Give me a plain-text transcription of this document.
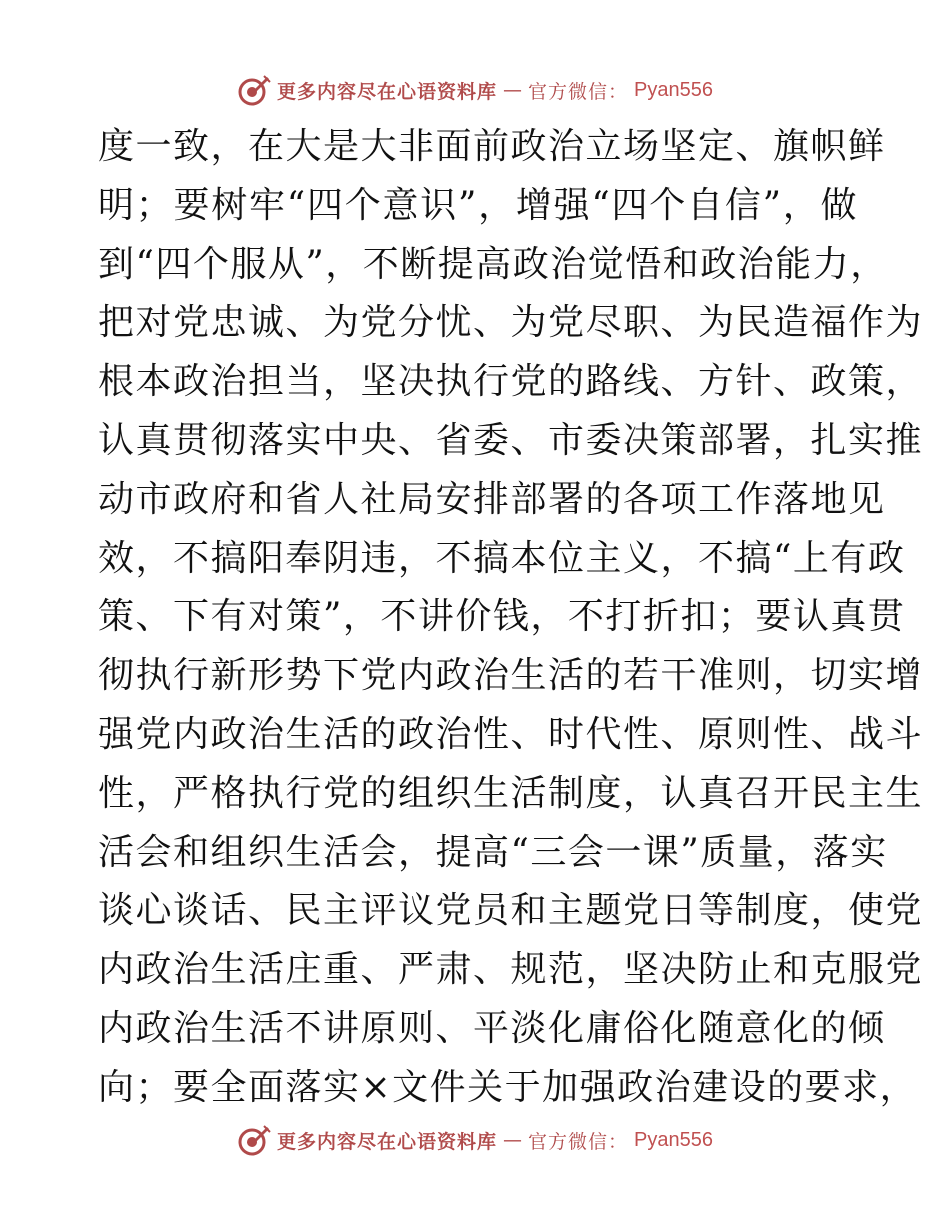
更多内容尽在心语资料库 — 官方微信： Pyan556
度一致，在大是大非面前政治立场坚定、旗帜鲜
明；要树牢“四个意识”，增强“四个自信”，做
到“四个服从”，不断提高政治觉悟和政治能力，
把对党忠诚、为党分忧、为党尽职、为民造福作为
根本政治担当，坚决执行党的路线、方针、政策，
认真贯彻落实中央、省委、市委决策部署，扎实推
动市政府和省人社局安排部署的各项工作落地见
效，不搞阳奉阴违，不搞本位主义，不搞“上有政
策、下有对策”，不讲价钱，不打折扣；要认真贯
彻执行新形势下党内政治生活的若干准则，切实增
强党内政治生活的政治性、时代性、原则性、战斗
性，严格执行党的组织生活制度，认真召开民主生
活会和组织生活会，提高“三会一课”质量，落实
谈心谈话、民主评议党员和主题党日等制度，使党
内政治生活庄重、严肃、规范，坚决防止和克服党
内政治生活不讲原则、平淡化庸俗化随意化的倾
向；要全面落实×文件关于加强政治建设的要求，
更多内容尽在心语资料库 — 官方微信： Pyan556
